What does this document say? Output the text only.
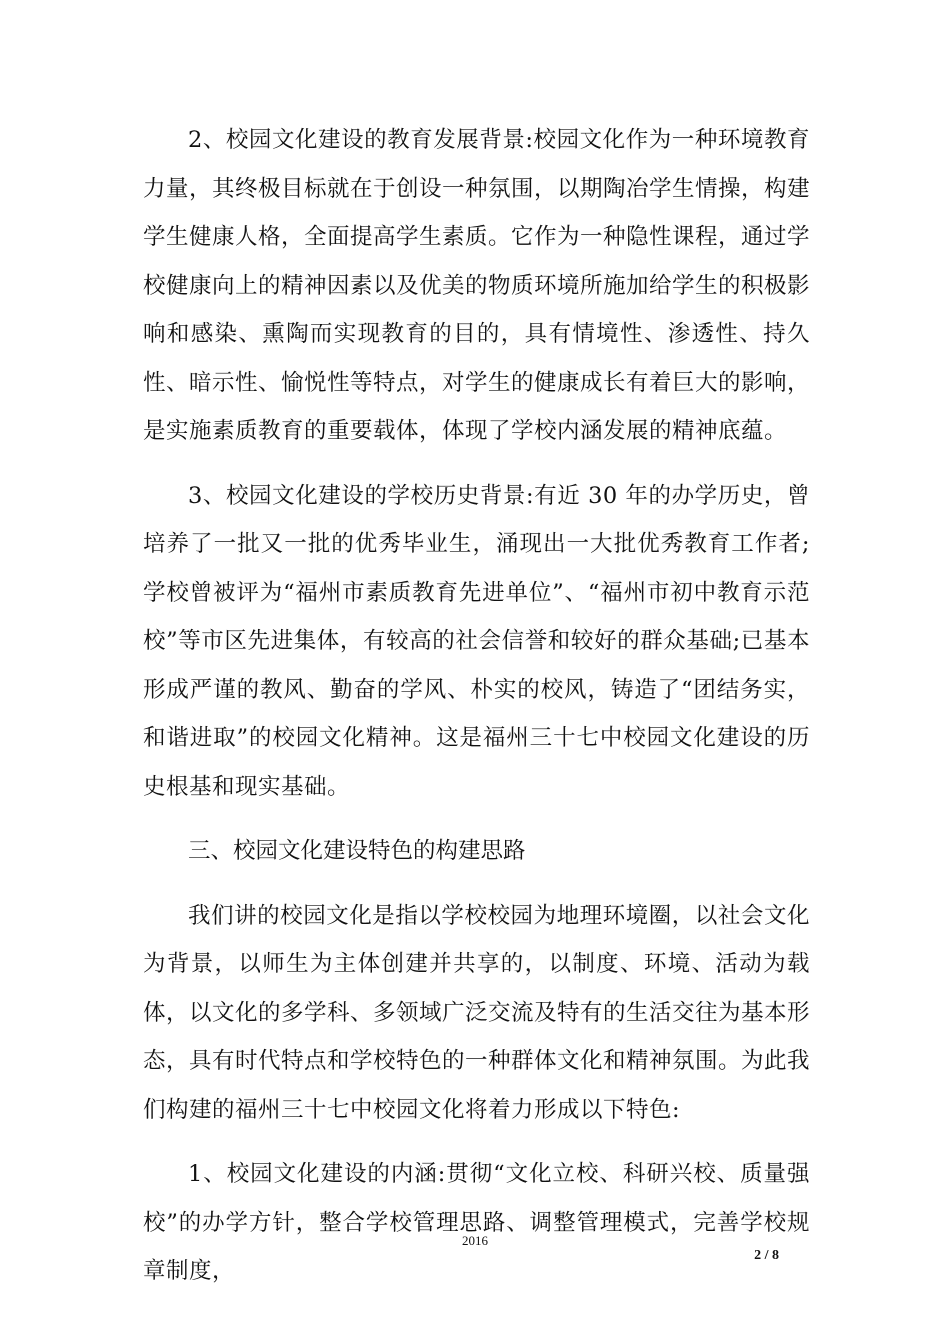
2、校园文化建设的教育发展背景:校园文化作为一种环境教育力量，其终极目标就在于创设一种氛围，以期陶冶学生情操，构建学生健康人格，全面提高学生素质。它作为一种隐性课程，通过学校健康向上的精神因素以及优美的物质环境所施加给学生的积极影响和感染、熏陶而实现教育的目的，具有情境性、渗透性、持久性、暗示性、愉悦性等特点，对学生的健康成长有着巨大的影响，是实施素质教育的重要载体，体现了学校内涵发展的精神底蕴。

3、校园文化建设的学校历史背景:有近 30 年的办学历史，曾培养了一批又一批的优秀毕业生，涌现出一大批优秀教育工作者;学校曾被评为“福州市素质教育先进单位”、“福州市初中教育示范校”等市区先进集体，有较高的社会信誉和较好的群众基础;已基本形成严谨的教风、勤奋的学风、朴实的校风，铸造了“团结务实，和谐进取”的校园文化精神。这是福州三十七中校园文化建设的历史根基和现实基础。

三、校园文化建设特色的构建思路

我们讲的校园文化是指以学校校园为地理环境圈，以社会文化为背景，以师生为主体创建并共享的，以制度、环境、活动为载体，以文化的多学科、多领域广泛交流及特有的生活交往为基本形态，具有时代特点和学校特色的一种群体文化和精神氛围。为此我们构建的福州三十七中校园文化将着力形成以下特色:

1、校园文化建设的内涵:贯彻“文化立校、科研兴校、质量强校”的办学方针，整合学校管理思路、调整管理模式，完善学校规章制度，

2016
2 / 8
